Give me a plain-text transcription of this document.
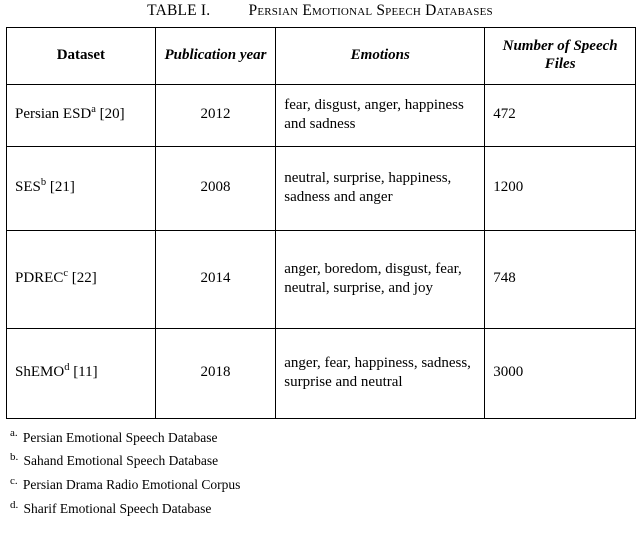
TABLE I. Persian Emotional Speech Databases
Dataset	Publication year	Emotions	Number of Speech Files
Persian ESD$^a$ [20]	2012	fear, disgust, anger, happiness and sadness	472
SES$^b$ [21]	2008	neutral, surprise, happiness, sadness and anger	1200
PDREC$^c$ [22]	2014	anger, boredom, disgust, fear, neutral, surprise, and joy	748
ShEMO$^d$ [11]	2018	anger, fear, happiness, sadness, surprise and neutral	3000
$^{a.}$ Persian Emotional Speech Database
$^{b.}$ Sahand Emotional Speech Database
$^{c.}$ Persian Drama Radio Emotional Corpus
$^{d.}$ Sharif Emotional Speech Database
